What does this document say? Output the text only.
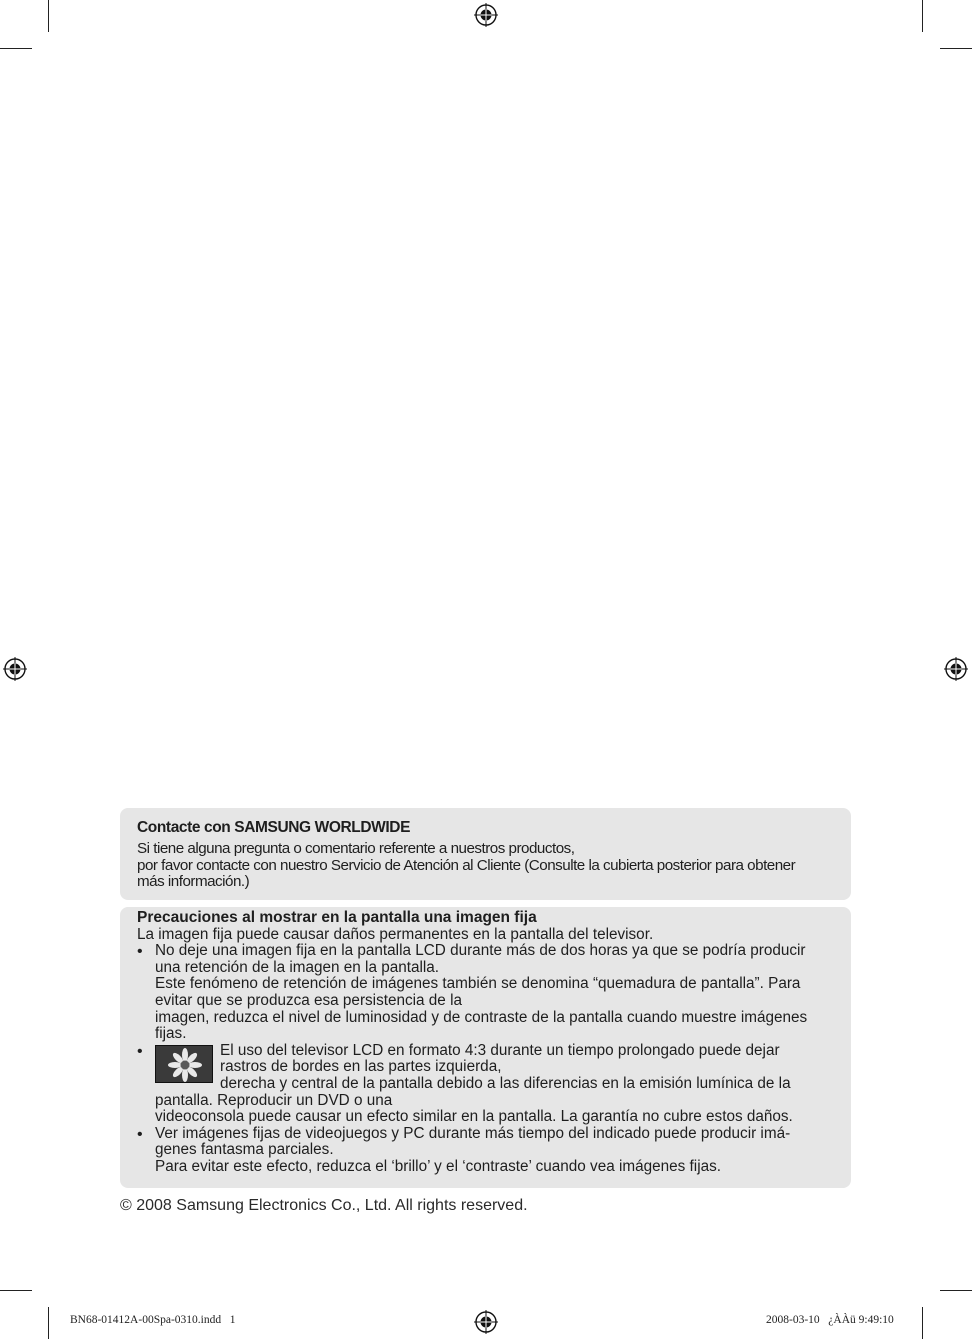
Contacte con SAMSUNG WORLDWIDE
Si tiene alguna pregunta o comentario referente a nuestros productos,
por favor contacte con nuestro Servicio de Atención al Cliente (Consulte la cubierta posterior para obtener
más información.)
Precauciones al mostrar en la pantalla una imagen fija
La imagen fija puede causar daños permanentes en la pantalla del televisor.
• No deje una imagen fija en la pantalla LCD durante más de dos horas ya que se podría producir
una retención de la imagen en la pantalla.
Este fenómeno de retención de imágenes también se denomina “quemadura de pantalla”. Para
evitar que se produzca esa persistencia de la
imagen, reduzca el nivel de luminosidad y de contraste de la pantalla cuando muestre imágenes
fijas.
•	El uso del televisor LCD en formato 4:3 durante un tiempo prolongado puede dejar
rastros de bordes en las partes izquierda,
derecha y central de la pantalla debido a las diferencias en la emisión lumínica de la
pantalla. Reproducir un DVD o una
videoconsola puede causar un efecto similar en la pantalla. La garantía no cubre estos daños.
• Ver imágenes fijas de videojuegos y PC durante más tiempo del indicado puede producir imá-
genes fantasma parciales.
Para evitar este efecto, reduzca el ‘brillo’ y el ‘contraste’ cuando vea imágenes fijas.
© 2008 Samsung Electronics Co., Ltd. All rights reserved.
BN68-01412A-00Spa-0310.indd   1	2008-03-10   ¿ÀÀü 9:49:10
